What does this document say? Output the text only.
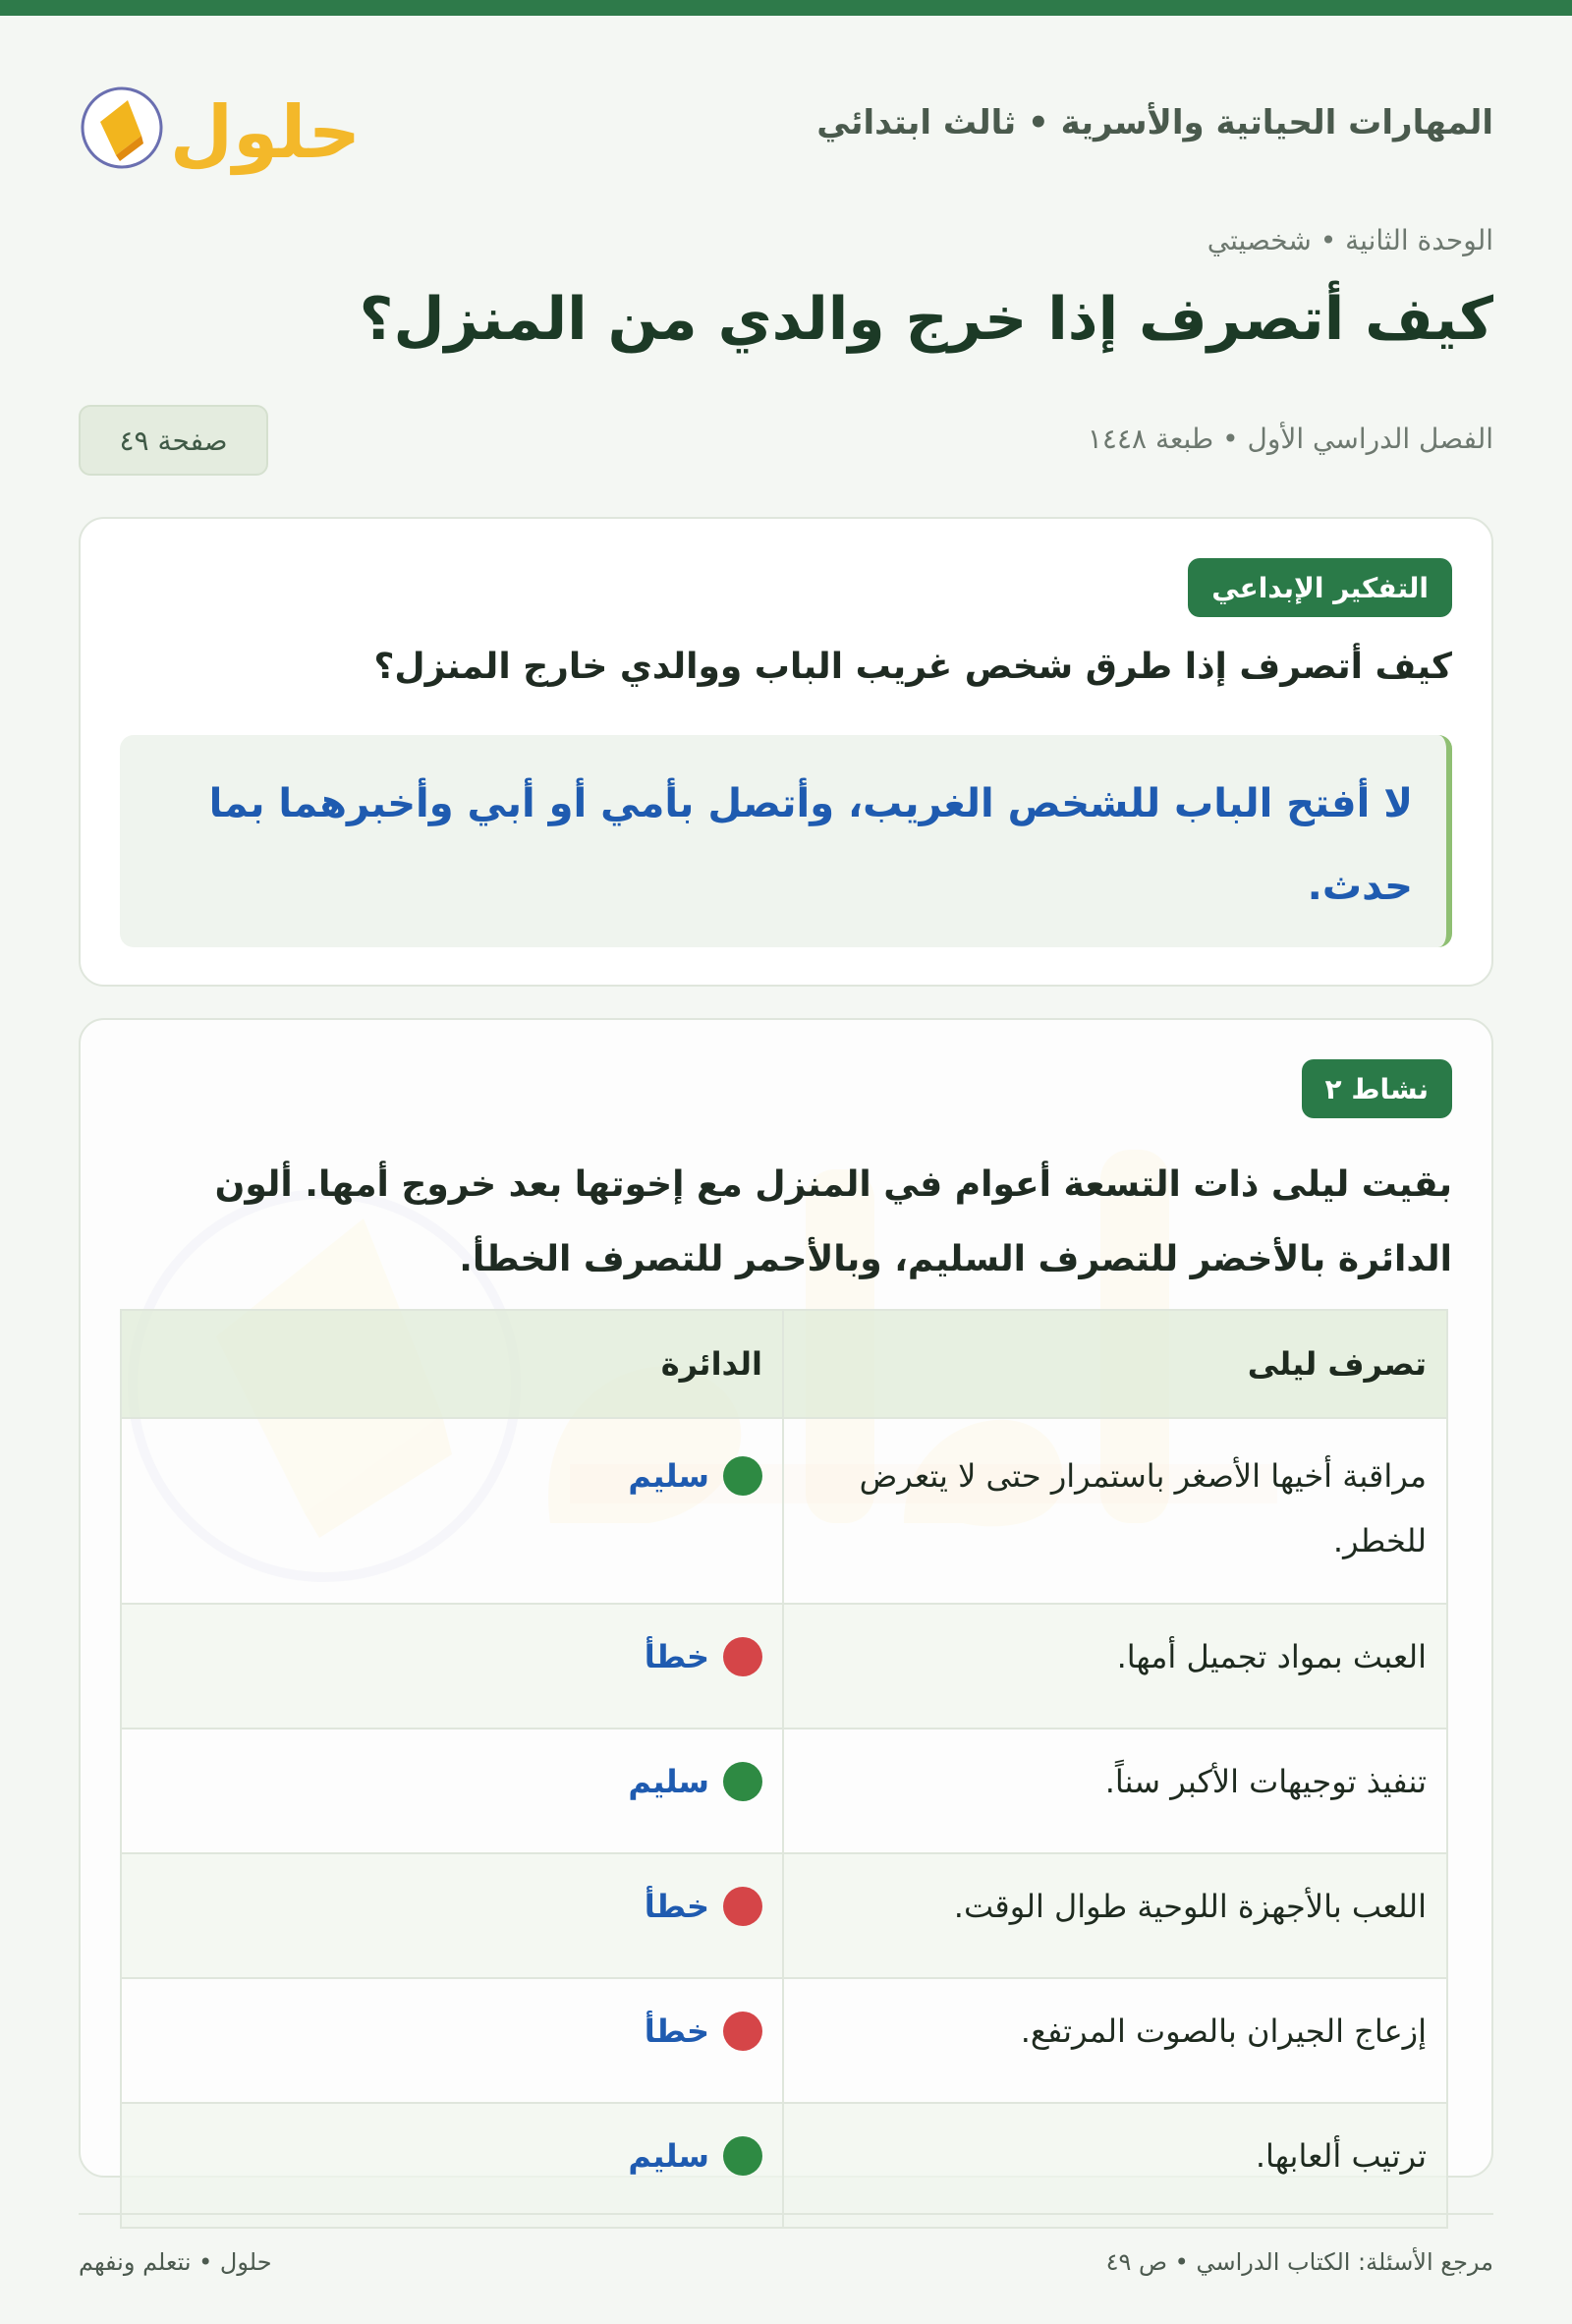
المهارات الحياتية والأسرية • ثالث ابتدائي
حلول
الوحدة الثانية • شخصيتي
كيف أتصرف إذا خرج والدي من المنزل؟
الفصل الدراسي الأول • طبعة ١٤٤٨
صفحة ٤٩
التفكير الإبداعي
كيف أتصرف إذا طرق شخص غريب الباب ووالدي خارج المنزل؟
لا أفتح الباب للشخص الغريب، وأتصل بأمي أو أبي وأخبرهما بما حدث.
نشاط ٢
بقيت ليلى ذات التسعة أعوام في المنزل مع إخوتها بعد خروج أمها. ألون الدائرة بالأخضر للتصرف السليم، وبالأحمر للتصرف الخطأ.
تصرف ليلى	الدائرة
مراقبة أخيها الأصغر باستمرار حتى لا يتعرض للخطر.	سليم

العبث بمواد تجميل أمها.	خطأ

تنفيذ توجيهات الأكبر سناً.	سليم

اللعب بالأجهزة اللوحية طوال الوقت.	خطأ

إزعاج الجيران بالصوت المرتفع.	خطأ

ترتيب ألعابها.	سليم
مرجع الأسئلة: الكتاب الدراسي • ص ٤٩
حلول • نتعلم ونفهم
